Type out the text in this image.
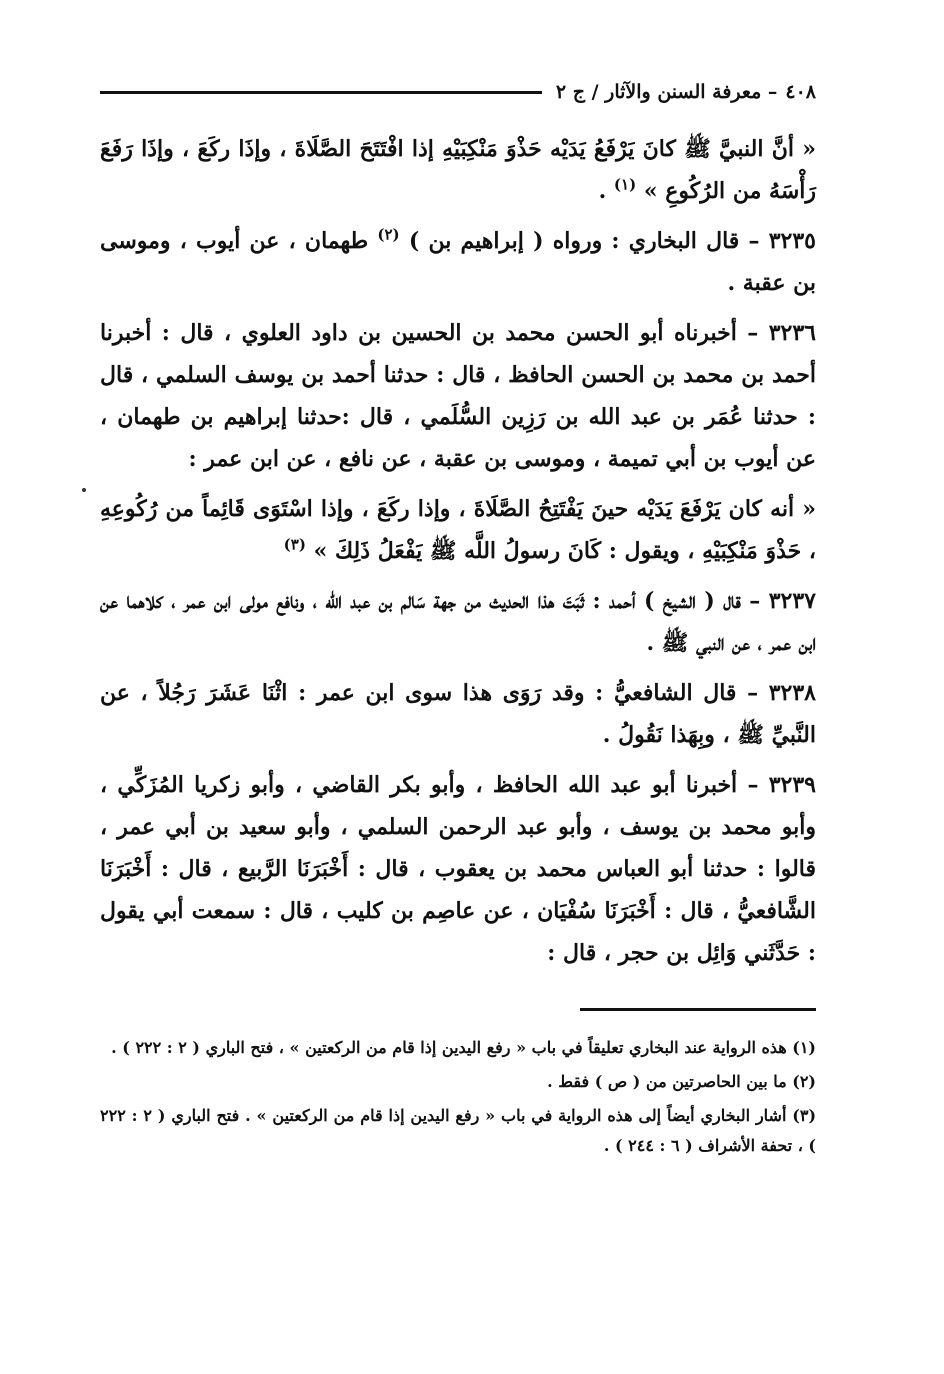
٤٠٨
– معرفة السنن والآثار / ج ٢

« أنَّ النبيَّ ﷺ كانَ يَرْفَعُ يَدَيْه حَذْوَ مَنْكِبَيْهِ إذا افْتَتَحَ الصَّلَاةَ ، وإذَا ركَعَ ، وإذَا رَفَعَ رَأْسَهُ من الرُكُوعِ » $^{(١)}$ .

٣٢٣٥ – قال البخاري : ورواه ( إبراهيم بن ) $^{(٢)}$ طهمان ، عن أيوب ، وموسى بن عقبة .

٣٢٣٦ – أخبرناه أبو الحسن محمد بن الحسين بن داود العلوي ، قال : أخبرنا أحمد بن محمد بن الحسن الحافظ ، قال : حدثنا أحمد بن يوسف السلمي ، قال : حدثنا عُمَر بن عبد الله بن رَزِين السُّلَمي ، قال :حدثنا إبراهيم بن طهمان ، عن أيوب بن أبي تميمة ، وموسى بن عقبة ، عن نافع ، عن ابن عمر :

« أنه كان يَرْفَعَ يَدَيْه حينَ يَفْتَتِحُ الصَّلَاةَ ، وإذا ركَعَ ، وإذا اسْتَوَى قَائِماً من رُكُوعِهِ ، حَذْوَ مَنْكِبَيْهِ ، ويقول : كَانَ رسولُ اللَّه ﷺ يَفْعَلُ ذَلِكَ » $^{(٣)}$

٣٢٣٧ – قال ( الشيخ ) أحمد : ثَبَتَ هذا الحديث من جهة سَالم بن عبد الله ، ونافع مولى ابن عمر ، كلاهما عن ابن عمر ، عن النبي ﷺ .

٣٢٣٨ – قال الشافعيُّ : وقد رَوَى هذا سوى ابن عمر : اثْنَا عَشَرَ رَجُلاً ، عن النَّبيِّ ﷺ ، وبِهَذا نَقُولُ .

٣٢٣٩ – أخبرنا أبو عبد الله الحافظ ، وأبو بكر القاضي ، وأبو زكريا المُزَكِّي ، وأبو محمد بن يوسف ، وأبو عبد الرحمن السلمي ، وأبو سعيد بن أبي عمر ، قالوا : حدثنا أبو العباس محمد بن يعقوب ، قال : أَخْبَرَنَا الرَّبيع ، قال : أَخْبَرَنَا الشَّافعيُّ ، قال : أَخْبَرَنَا سُفْيَان ، عن عاصِم بن كليب ، قال : سمعت أبي يقول : حَدَّثَني وَائِل بن حجر ، قال :

(١) هذه الرواية عند البخاري تعليقاً في باب « رفع اليدين إذا قام من الركعتين » ، فتح الباري ( ٢ : ٢٢٢ ) .

(٢) ما بين الحاصرتين من ( ص ) فقط .

(٣) أشار البخاري أيضاً إلى هذه الرواية في باب « رفع اليدين إذا قام من الركعتين » . فتح الباري ( ٢ : ٢٢٢ ) ، تحفة الأشراف ( ٦ : ٢٤٤ ) .
